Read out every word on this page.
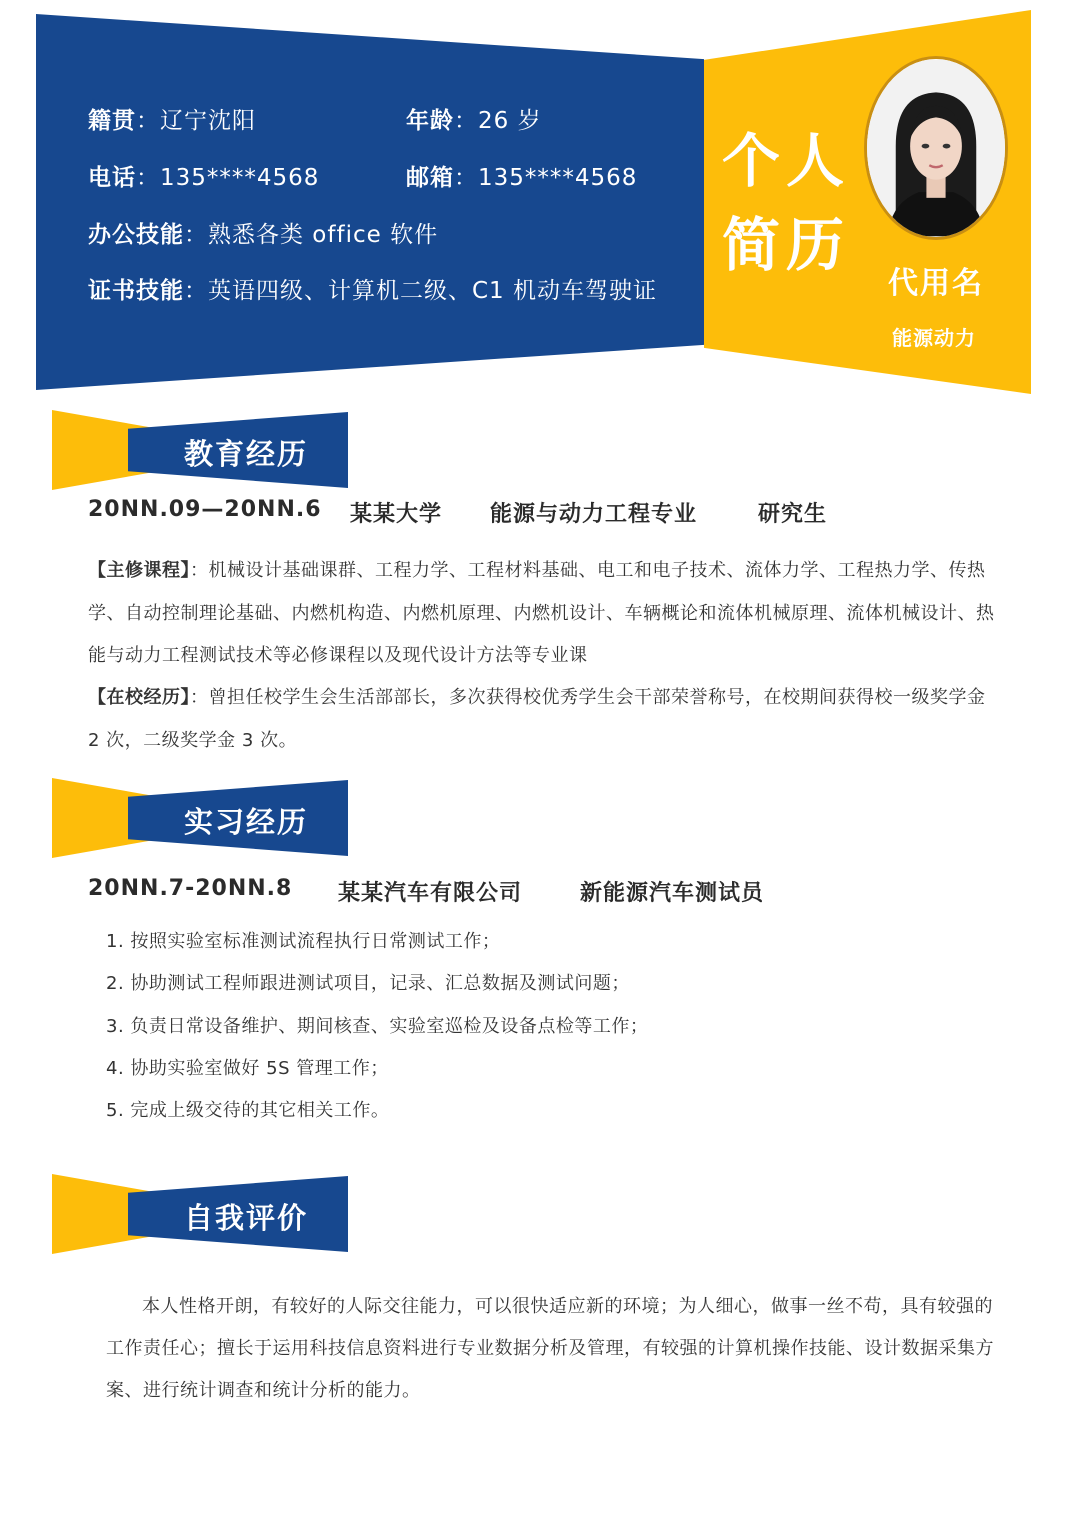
籍贯：辽宁沈阳	年龄：26 岁
电话：135****4568	邮箱：135****4568
办公技能：熟悉各类 office 软件
证书技能：英语四级、计算机二级、C1 机动车驾驶证
个人
简历
代用名
能源动力
教育经历
20NN.09—20NN.6 某某大学 能源与动力工程专业	研究生
【主修课程】：机械设计基础课群、工程力学、工程材料基础、电工和电子技术、流体力学、工程热力学、传热学、自动控制理论基础、内燃机构造、内燃机原理、内燃机设计、车辆概论和流体机械原理、流体机械设计、热能与动力工程测试技术等必修课程以及现代设计方法等专业课
【在校经历】：曾担任校学生会生活部部长，多次获得校优秀学生会干部荣誉称号，在校期间获得校一级奖学金 2 次，二级奖学金 3 次。
实习经历
20NN.7-20NN.8 某某汽车有限公司	新能源汽车测试员
1. 按照实验室标准测试流程执行日常测试工作；
2. 协助测试工程师跟进测试项目，记录、汇总数据及测试问题；
3. 负责日常设备维护、期间核查、实验室巡检及设备点检等工作；
4. 协助实验室做好 5S 管理工作；
5. 完成上级交待的其它相关工作。
自我评价
本人性格开朗，有较好的人际交往能力，可以很快适应新的环境；为人细心，做事一丝不苟，具有较强的工作责任心；擅长于运用科技信息资料进行专业数据分析及管理，有较强的计算机操作技能、设计数据采集方案、进行统计调查和统计分析的能力。
